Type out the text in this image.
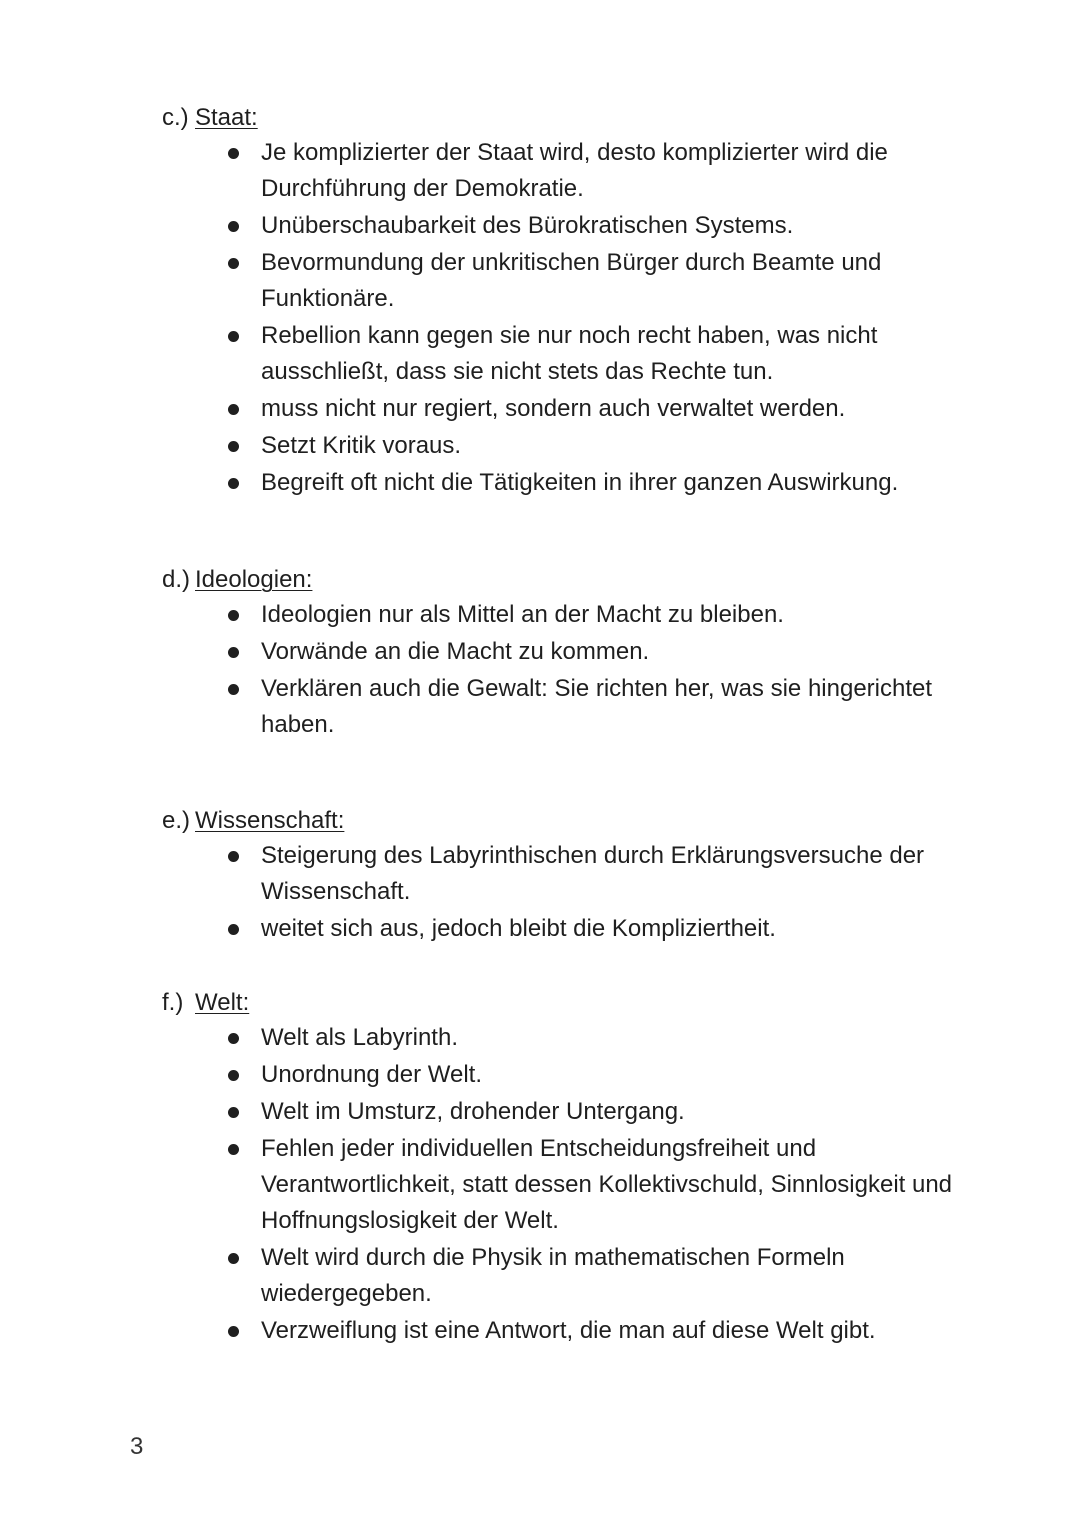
c.) Staat:

Je komplizierter der Staat wird, desto komplizierter wird die Durchführung der Demokratie.
Unüberschaubarkeit des Bürokratischen Systems.
Bevormundung der unkritischen Bürger durch Beamte und Funktionäre.
Rebellion kann gegen sie nur noch recht haben, was nicht ausschließt, dass sie nicht stets das Rechte tun.
muss nicht nur regiert, sondern auch verwaltet werden.
Setzt Kritik voraus.
Begreift oft nicht die Tätigkeiten in ihrer ganzen Auswirkung.

d.) Ideologien:

Ideologien nur als Mittel an der Macht zu bleiben.
Vorwände an die Macht zu kommen.
Verklären auch die Gewalt: Sie richten her, was sie hingerichtet haben.

e.) Wissenschaft:

Steigerung des Labyrinthischen durch Erklärungsversuche der Wissenschaft.
weitet sich aus, jedoch bleibt die Kompliziertheit.

f.) Welt:

Welt als Labyrinth.
Unordnung der Welt.
Welt im Umsturz, drohender Untergang.
Fehlen jeder individuellen Entscheidungsfreiheit und Verantwortlichkeit, statt dessen Kollektivschuld, Sinnlosigkeit und Hoffnungslosigkeit der Welt.
Welt wird durch die Physik in mathematischen Formeln wiedergegeben.
Verzweiflung ist eine Antwort, die man auf diese Welt gibt.
3
